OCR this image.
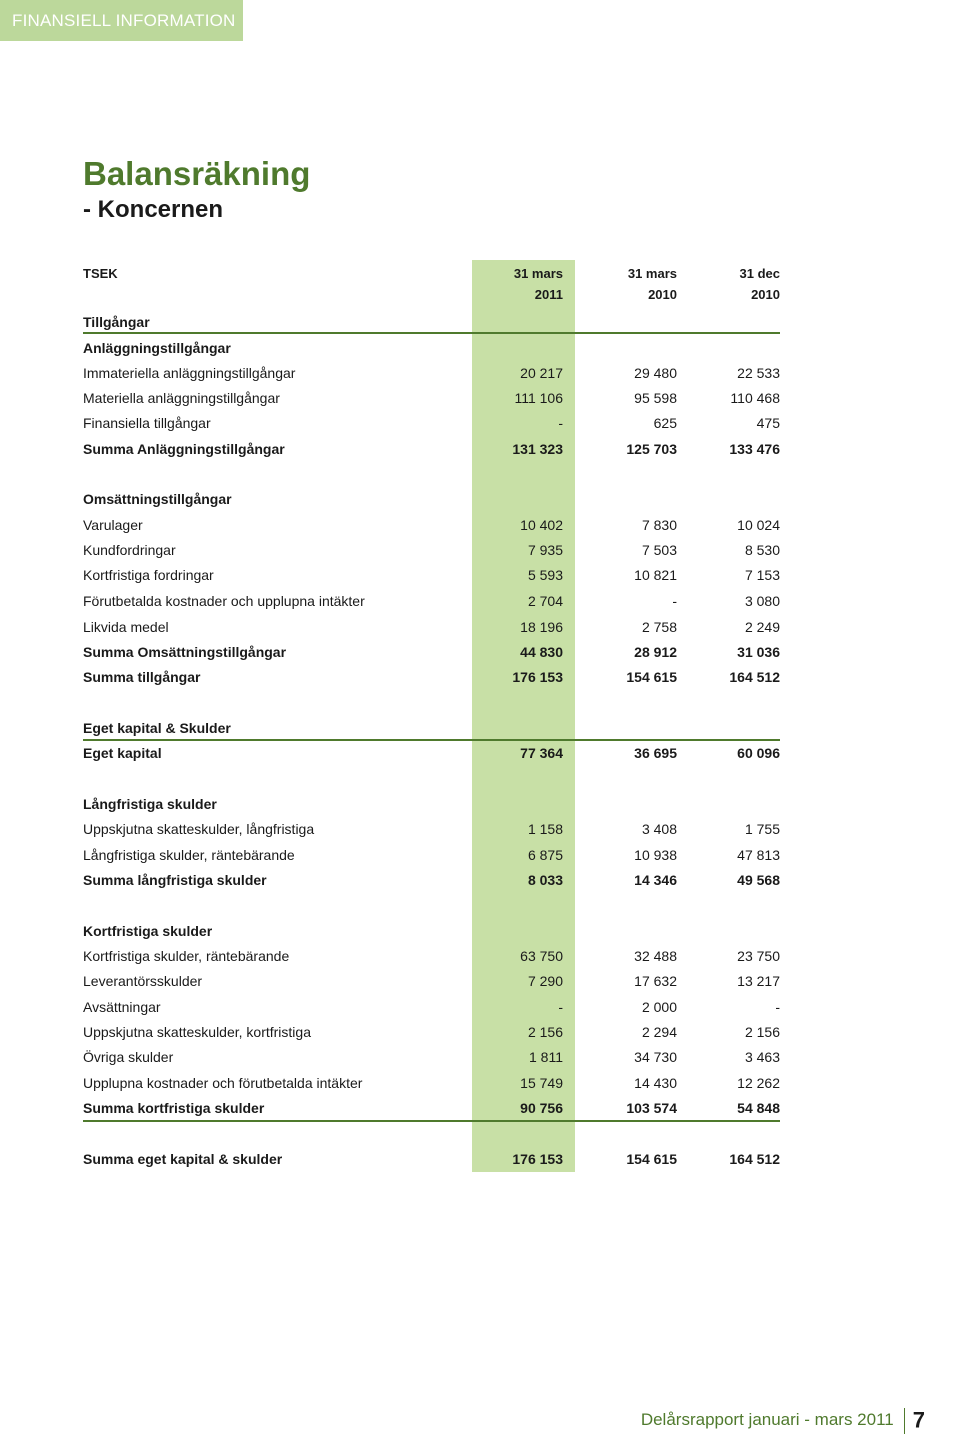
FINANSIELL INFORMATION
Balansräkning
- Koncernen
TSEK	31 mars	31 mars	31 dec
2011	2010	2010
Tillgångar
Anläggningstillgångar
Immateriella anläggningstillgångar	20 217	29 480	22 533
Materiella anläggningstillgångar	111 106	95 598	110 468
Finansiella tillgångar	-	625	475
Summa Anläggningstillgångar	131 323	125 703	133 476
Omsättningstillgångar
Varulager	10 402	7 830	10 024
Kundfordringar	7 935	7 503	8 530
Kortfristiga fordringar	5 593	10 821	7 153
Förutbetalda kostnader och upplupna intäkter	2 704	-	3 080
Likvida medel	18 196	2 758	2 249
Summa Omsättningstillgångar	44 830	28 912	31 036
Summa tillgångar	176 153	154 615	164 512
Eget kapital & Skulder
Eget kapital	77 364	36 695	60 096
Långfristiga skulder
Uppskjutna skatteskulder, långfristiga	1 158	3 408	1 755
Långfristiga skulder, räntebärande	6 875	10 938	47 813
Summa långfristiga skulder	8 033	14 346	49 568
Kortfristiga skulder
Kortfristiga skulder, räntebärande	63 750	32 488	23 750
Leverantörsskulder	7 290	17 632	13 217
Avsättningar	-	2 000	-
Uppskjutna skatteskulder, kortfristiga	2 156	2 294	2 156
Övriga skulder	1 811	34 730	3 463
Upplupna kostnader och förutbetalda intäkter	15 749	14 430	12 262
Summa kortfristiga skulder	90 756	103 574	54 848
Summa eget kapital & skulder	176 153	154 615	164 512
Delårsrapport januari - mars 2011 7
